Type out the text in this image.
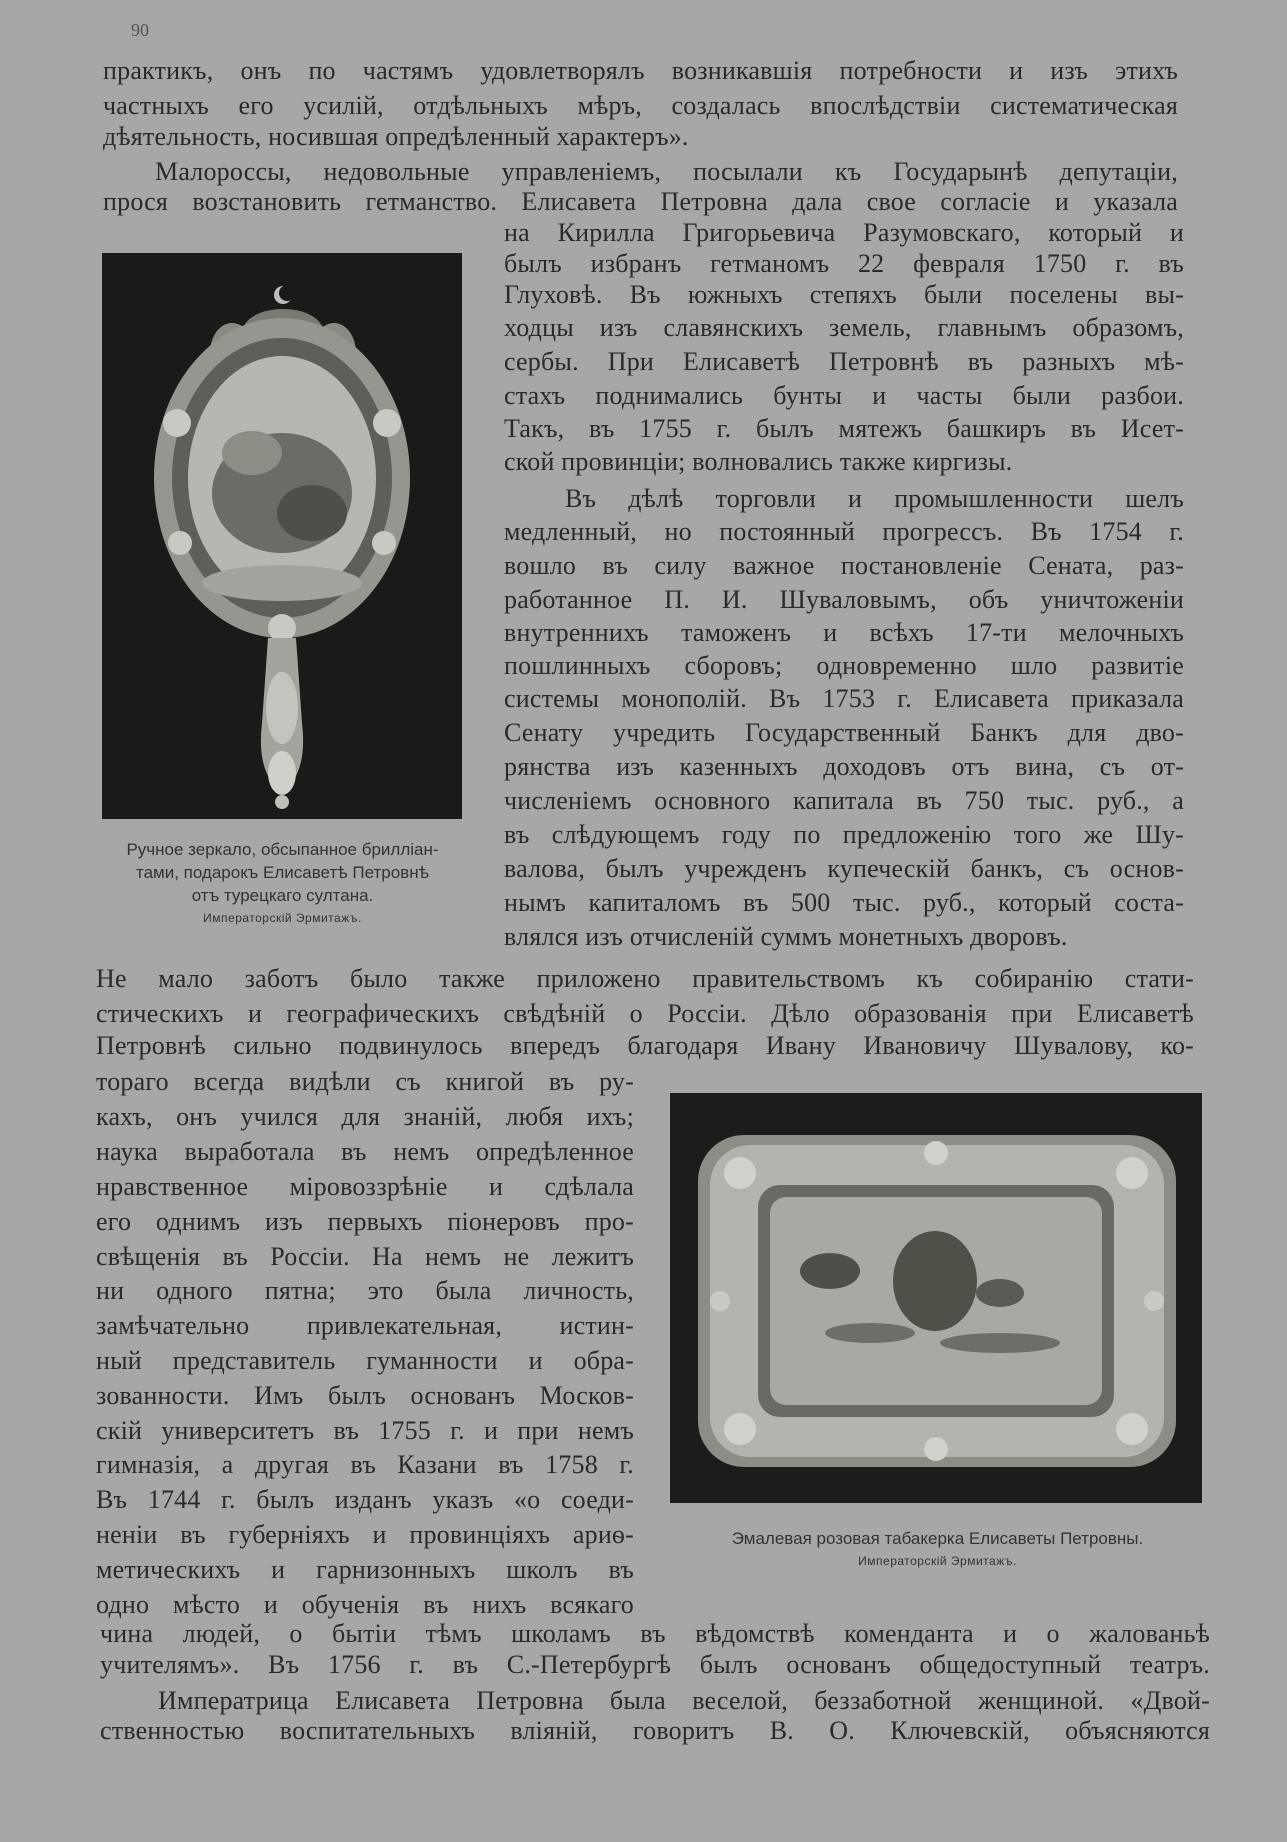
90
практикъ, онъ по частямъ удовлетворялъ возникавшія потребности и изъ этихъ
частныхъ его усилій, отдѣльныхъ мѣръ, создалась впослѣдствіи систематическая
дѣятельность, носившая опредѣленный характеръ».
Малороссы, недовольные управленіемъ, посылали къ Государынѣ депутаціи,
прося возстановить гетманство. Елисавета Петровна дала свое согласіе и указала
Ручное зеркало, обсыпанное брилліан-
тами, подарокъ Елисаветѣ Петровнѣ
отъ турецкаго султана.
Императорскій Эрмитажъ.
на Кирилла Григорьевича Разумовскаго, который и
былъ избранъ гетманомъ 22 февраля 1750 г. въ
Глуховѣ. Въ южныхъ степяхъ были поселены вы-
ходцы изъ славянскихъ земель, главнымъ образомъ,
сербы. При Елисаветѣ Петровнѣ въ разныхъ мѣ-
стахъ поднимались бунты и часты были разбои.
Такъ, въ 1755 г. былъ мятежъ башкиръ въ Исет-
ской провинціи; волновались также киргизы.
Въ дѣлѣ торговли и промышленности шелъ
медленный, но постоянный прогрессъ. Въ 1754 г.
вошло въ силу важное постановленіе Сената, раз-
работанное П. И. Шуваловымъ, объ уничтоженіи
внутреннихъ таможенъ и всѣхъ 17-ти мелочныхъ
пошлинныхъ сборовъ; одновременно шло развитіе
системы монополій. Въ 1753 г. Елисавета приказала
Сенату учредить Государственный Банкъ для дво-
рянства изъ казенныхъ доходовъ отъ вина, съ от-
численіемъ основного капитала въ 750 тыс. руб., а
въ слѣдующемъ году по предложенію того же Шу-
валова, былъ учрежденъ купеческій банкъ, съ основ-
нымъ капиталомъ въ 500 тыс. руб., который соста-
влялся изъ отчисленій суммъ монетныхъ дворовъ.
Не мало заботъ было также приложено правительствомъ къ собиранію стати-
стическихъ и географическихъ свѣдѣній о Россіи. Дѣло образованія при Елисаветѣ
Петровнѣ сильно подвинулось впередъ благодаря Ивану Ивановичу Шувалову, ко-
тораго всегда видѣли съ книгой въ ру-
кахъ, онъ учился для знаній, любя ихъ;
наука выработала въ немъ опредѣленное
нравственное міровоззрѣніе и сдѣлала
его однимъ изъ первыхъ піонеровъ про-
свѣщенія въ Россіи. На немъ не лежитъ
ни одного пятна; это была личность,
замѣчательно привлекательная, истин-
ный представитель гуманности и обра-
зованности. Имъ былъ основанъ Москов-
скій университетъ въ 1755 г. и при немъ
гимназія, а другая въ Казани въ 1758 г.
Въ 1744 г. былъ изданъ указъ «о соеди-
неніи въ губерніяхъ и провинціяхъ ариѳ-
метическихъ и гарнизонныхъ школъ въ
одно мѣсто и обученія въ нихъ всякаго
Эмалевая розовая табакерка Елисаветы Петровны.
Императорскій Эрмитажъ.
чина людей, о бытіи тѣмъ школамъ въ вѣдомствѣ коменданта и о жалованьѣ
учителямъ». Въ 1756 г. въ С.-Петербургѣ былъ основанъ общедоступный театръ.
Императрица Елисавета Петровна была веселой, беззаботной женщиной. «Двой-
ственностью воспитательныхъ вліяній, говоритъ В. О. Ключевскій, объясняются
